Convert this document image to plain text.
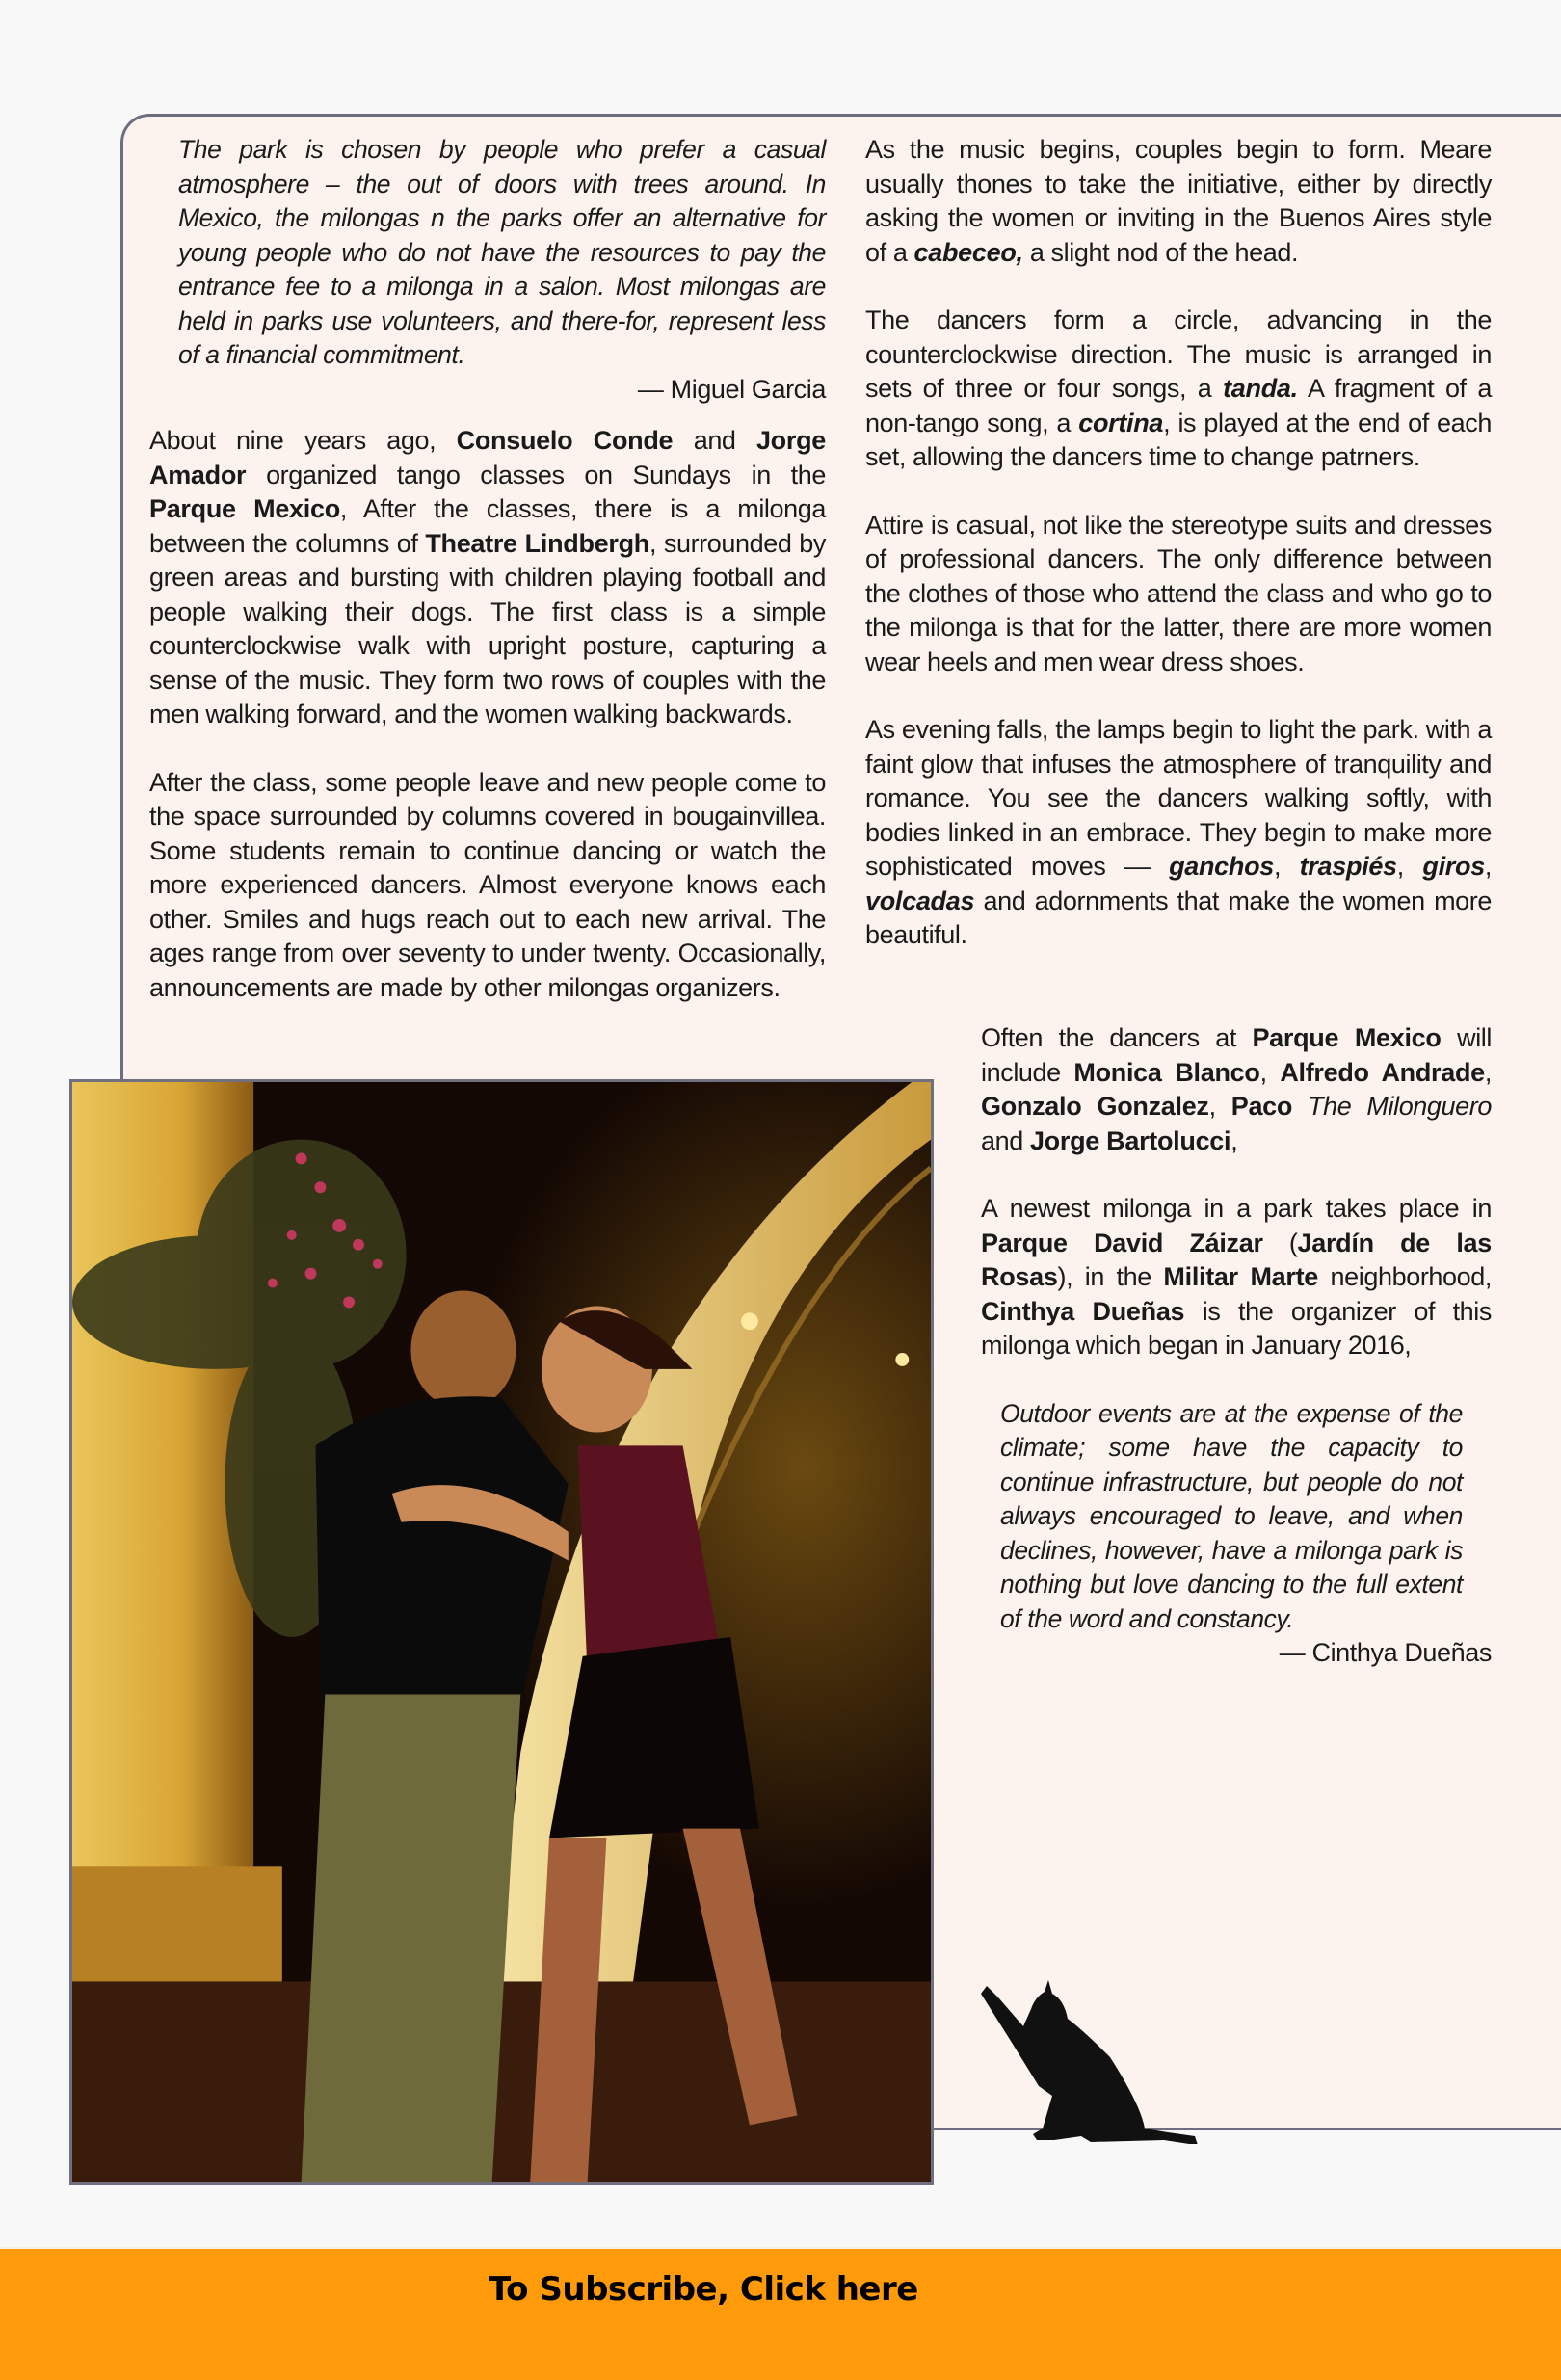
The park is chosen by people who prefer a casual atmosphere – the out of doors with trees around. In Mexico, the milongas n the parks offer an alternative for young people who do not have the resources to pay the entrance fee to a milonga in a salon. Most milongas are held in parks use volunteers, and there-for, represent less of a financial commitment.
— Miguel Garcia

About nine years ago, Consuelo Conde and Jorge Amador organized tango classes on Sundays in the Parque Mexico, After the classes, there is a milonga between the columns of Theatre Lindbergh, surrounded by green areas and bursting with children playing football and people walking their dogs. The first class is a simple counterclockwise walk with upright posture, capturing a sense of the music. They form two rows of couples with the men walking forward, and the women walking backwards.

After the class, some people leave and new people come to the space surrounded by columns covered in bougainvillea. Some students remain to continue dancing or watch the more experienced dancers. Almost everyone knows each other. Smiles and hugs reach out to each new arrival. The ages range from over seventy to under twenty. Occasionally, announcements are made by other milongas organizers.

As the music begins, couples begin to form. Meare usually thones to take the initiative, either by directly asking the women or inviting in the Buenos Aires style of a cabeceo, a slight nod of the head.

The dancers form a circle, advancing in the counterclockwise direction. The music is arranged in sets of three or four songs, a tanda. A fragment of a non-tango song, a cortina, is played at the end of each set, allowing the dancers time to change patrners.

Attire is casual, not like the stereotype suits and dresses of professional dancers. The only difference between the clothes of those who attend the class and who go to the milonga is that for the latter, there are more women wear heels and men wear dress shoes.

As evening falls, the lamps begin to light the park. with a faint glow that infuses the atmosphere of tranquility and romance. You see the dancers walking softly, with bodies linked in an embrace. They begin to make more sophisticated moves — ganchos, traspiés, giros, volcadas and adornments that make the women more beautiful.

Often the dancers at Parque Mexico will include Monica Blanco, Alfredo Andrade, Gonzalo Gonzalez, Paco The Milonguero and Jorge Bartolucci,

A newest milonga in a park takes place in Parque David Záizar (Jardín de las Rosas), in the Militar Marte neighborhood, Cinthya Dueñas is the organizer of this milonga which began in January 2016,

Outdoor events are at the expense of the climate; some have the capacity to continue infrastructure, but people do not always encouraged to leave, and when declines, however, have a milonga park is nothing but love dancing to the full extent of the word and constancy.
— Cinthya Dueñas
To Subscribe, Click here
